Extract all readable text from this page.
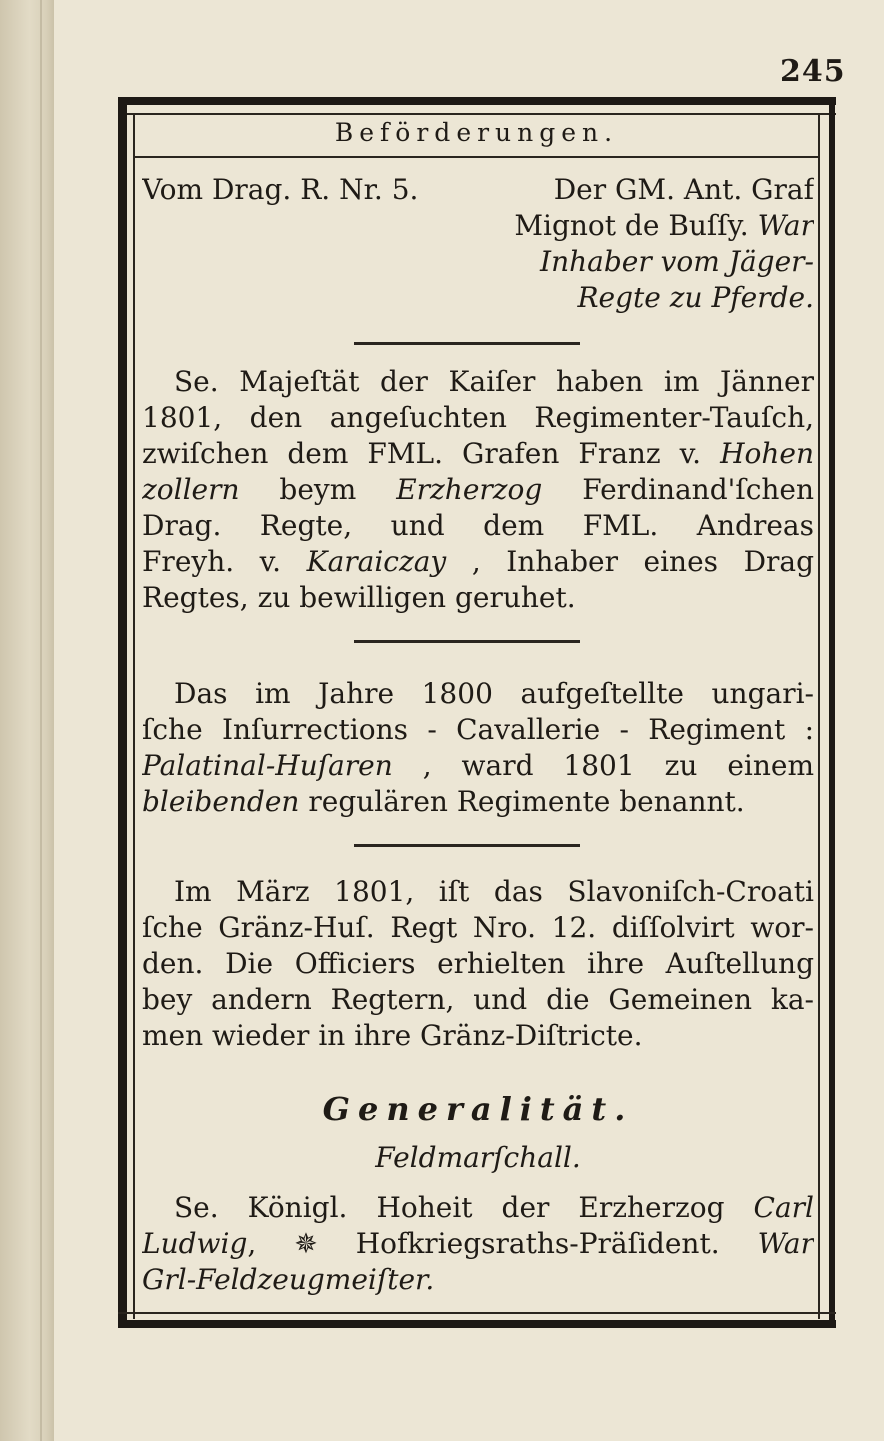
245
Beförderungen.
Vom Drag. R. Nr. 5.	Der GM. Ant. Graf
Mignot de Buſſy. War
Inhaber vom Jäger-
Regte zu Pferde.
Se. Majeſtät der Kaiſer haben im Jänner
1801, den angeſuchten Regimenter-Tauſch,
zwiſchen dem FML. Grafen Franz v. Hohen
zollern beym Erzherzog Ferdinand'ſchen
Drag. Regte, und dem FML. Andreas
Freyh. v. Karaiczay , Inhaber eines Drag
Regtes, zu bewilligen geruhet.
Das im Jahre 1800 aufgeſtellte ungari-
ſche Inſurrections - Cavallerie - Regiment :
Palatinal-Huſaren , ward 1801 zu einem
bleibenden regulären Regimente benannt.
Im März 1801, iſt das Slavoniſch-Croati
ſche Gränz-Huſ. Regt Nro. 12. diſſolvirt wor-
den. Die Officiers erhielten ihre Auſtellung
bey andern Regtern, und die Gemeinen ka-
men wieder in ihre Gränz-Diſtricte.
Generalität.
Feldmarſchall.
Se. Königl. Hoheit der Erzherzog Carl
Ludwig, ✵ Hofkriegsraths-Präſident. War
Grl-Feldzeugmeiſter.
